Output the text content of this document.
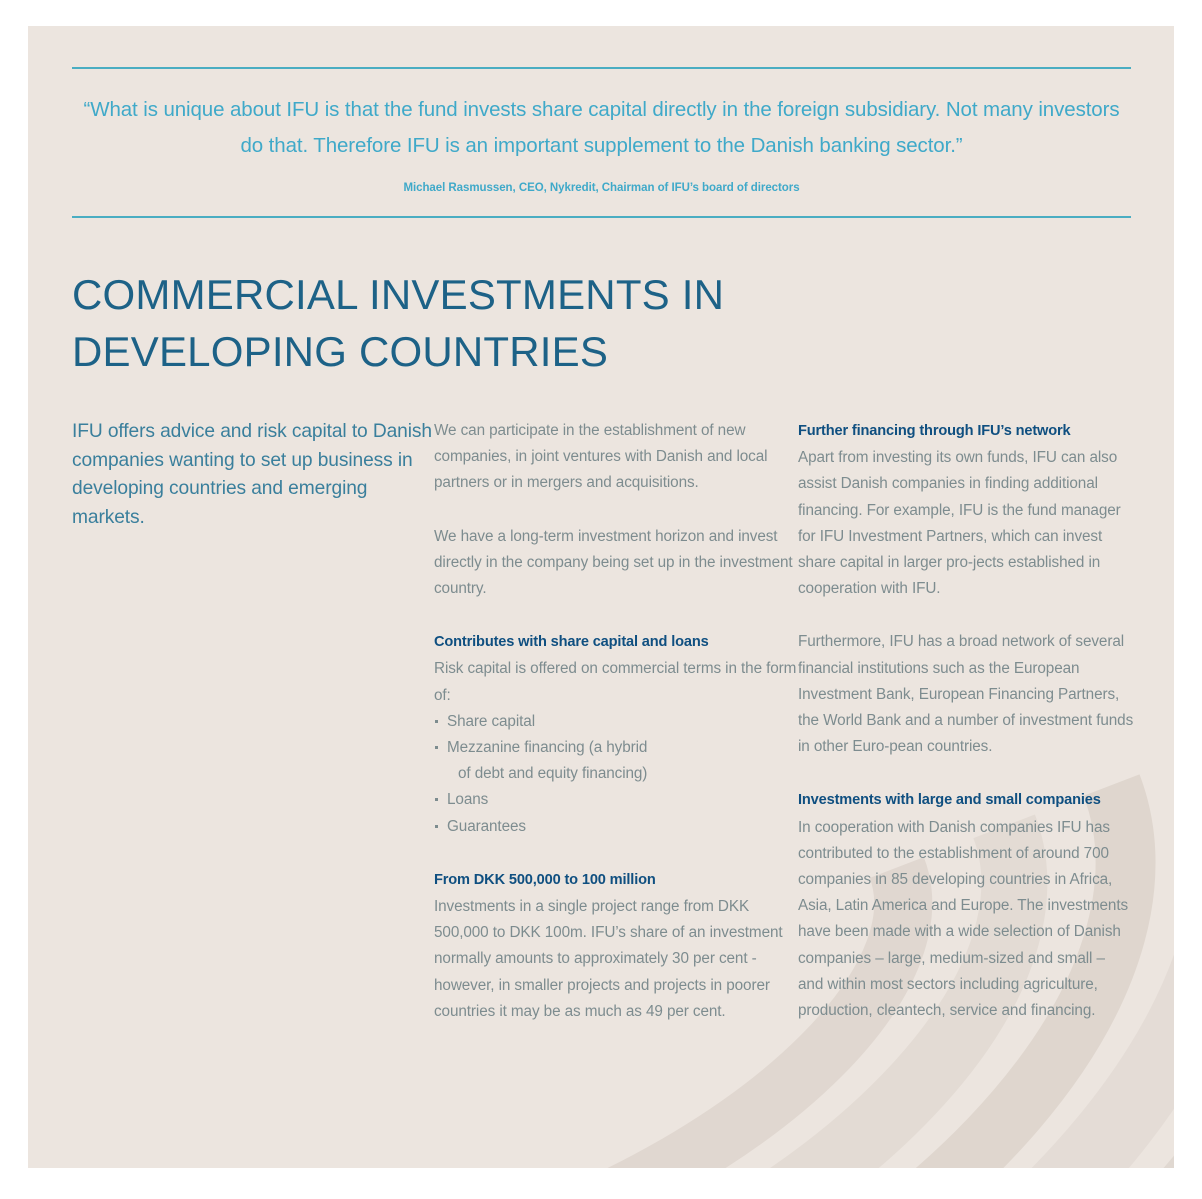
“What is unique about IFU is that the fund invests share capital directly in the foreign subsidiary. Not many investors do that. Therefore IFU is an important supplement to the Danish banking sector.”

Michael Rasmussen, CEO, Nykredit, Chairman of IFU’s board of directors

COMMERCIAL INVESTMENTS IN DEVELOPING COUNTRIES

IFU offers advice and risk capital to Danish companies wanting to set up business in developing countries and emerging markets.

We can participate in the establishment of new companies, in joint ventures with Danish and local partners or in mergers and acquisitions.

We have a long-term investment horizon and invest directly in the company being set up in the investment country.

Contributes with share capital and loans

Risk capital is offered on commercial terms in the form of:

Share capital
Mezzanine financing (a hybrid
of debt and equity financing)
Loans
Guarantees

From DKK 500,000 to 100 million

Investments in a single project range from DKK 500,000 to DKK 100m. IFU’s share of an investment normally amounts to approximately 30 per cent - however, in smaller projects and projects in poorer countries it may be as much as 49 per cent.

Further financing through IFU’s network

Apart from investing its own funds, IFU can also assist Danish companies in finding additional financing. For example, IFU is the fund manager for IFU Investment Partners, which can invest share capital in larger pro-jects established in cooperation with IFU.

Furthermore, IFU has a broad network of several financial institutions such as the European Investment Bank, European Financing Partners, the World Bank and a number of investment funds in other Euro-pean countries.

Investments with large and small companies

In cooperation with Danish companies IFU has contributed to the establishment of around 700 companies in 85 developing countries in Africa, Asia, Latin America and Europe. The investments have been made with a wide selection of Danish companies – large, medium-sized and small – and within most sectors including agriculture, production, cleantech, service and financing.
